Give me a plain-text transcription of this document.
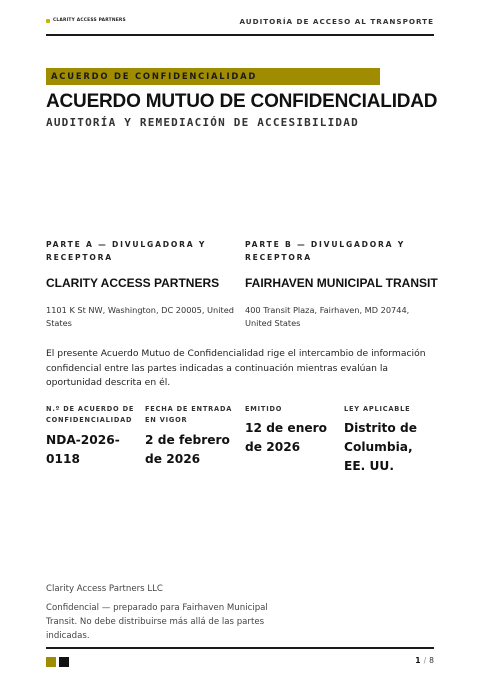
CLARITY ACCESS PARTNERS	AUDITORÍA DE ACCESO AL TRANSPORTE
ACUERDO DE CONFIDENCIALIDAD
ACUERDO MUTUO DE CONFIDENCIALIDAD
AUDITORÍA Y REMEDIACIÓN DE ACCESIBILIDAD
PARTE A — DIVULGADORA Y RECEPTORA
CLARITY ACCESS PARTNERS
1101 K St NW, Washington, DC 20005, United States
PARTE B — DIVULGADORA Y RECEPTORA
FAIRHAVEN MUNICIPAL TRANSIT
400 Transit Plaza, Fairhaven, MD 20744, United States
El presente Acuerdo Mutuo de Confidencialidad rige el intercambio de información confidencial entre las partes indicadas a continuación mientras evalúan la oportunidad descrita en él.
N.º DE ACUERDO DE CONFIDENCIALIDAD
NDA-2026-0118
FECHA DE ENTRADA EN VIGOR
2 de febrero de 2026
EMITIDO
12 de enero de 2026
LEY APLICABLE
Distrito de Columbia, EE. UU.
Clarity Access Partners LLC
Confidencial — preparado para Fairhaven Municipal Transit. No debe distribuirse más allá de las partes indicadas.
1 / 8
